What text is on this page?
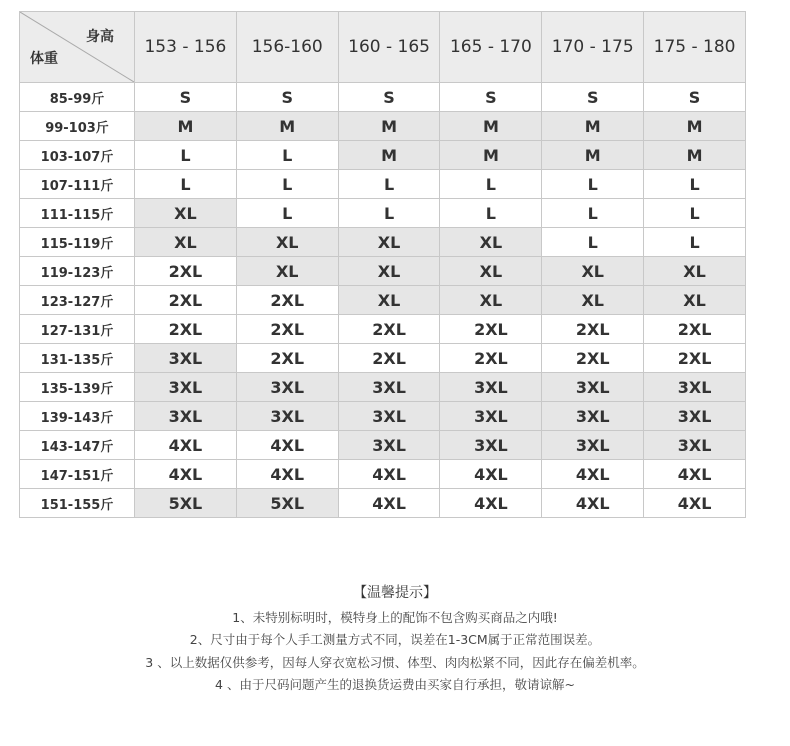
身高
体重	153 - 156	156-160	160 - 165	165 - 170	170 - 175	175 - 180
85-99斤	S	S	S	S	S	S
99-103斤	M	M	M	M	M	M
103-107斤	L	L	M	M	M	M
107-111斤	L	L	L	L	L	L
111-115斤	XL	L	L	L	L	L
115-119斤	XL	XL	XL	XL	L	L
119-123斤	2XL	XL	XL	XL	XL	XL
123-127斤	2XL	2XL	XL	XL	XL	XL
127-131斤	2XL	2XL	2XL	2XL	2XL	2XL
131-135斤	3XL	2XL	2XL	2XL	2XL	2XL
135-139斤	3XL	3XL	3XL	3XL	3XL	3XL
139-143斤	3XL	3XL	3XL	3XL	3XL	3XL
143-147斤	4XL	4XL	3XL	3XL	3XL	3XL
147-151斤	4XL	4XL	4XL	4XL	4XL	4XL
151-155斤	5XL	5XL	4XL	4XL	4XL	4XL
【温馨提示】
1、未特别标明时，模特身上的配饰不包含购买商品之内哦!
2、尺寸由于每个人手工测量方式不同，误差在1-3CM属于正常范围误差。
3 、以上数据仅供参考，因每人穿衣宽松习惯、体型、肉肉松紧不同，因此存在偏差机率。
4 、由于尺码问题产生的退换货运费由买家自行承担，敬请谅解~
